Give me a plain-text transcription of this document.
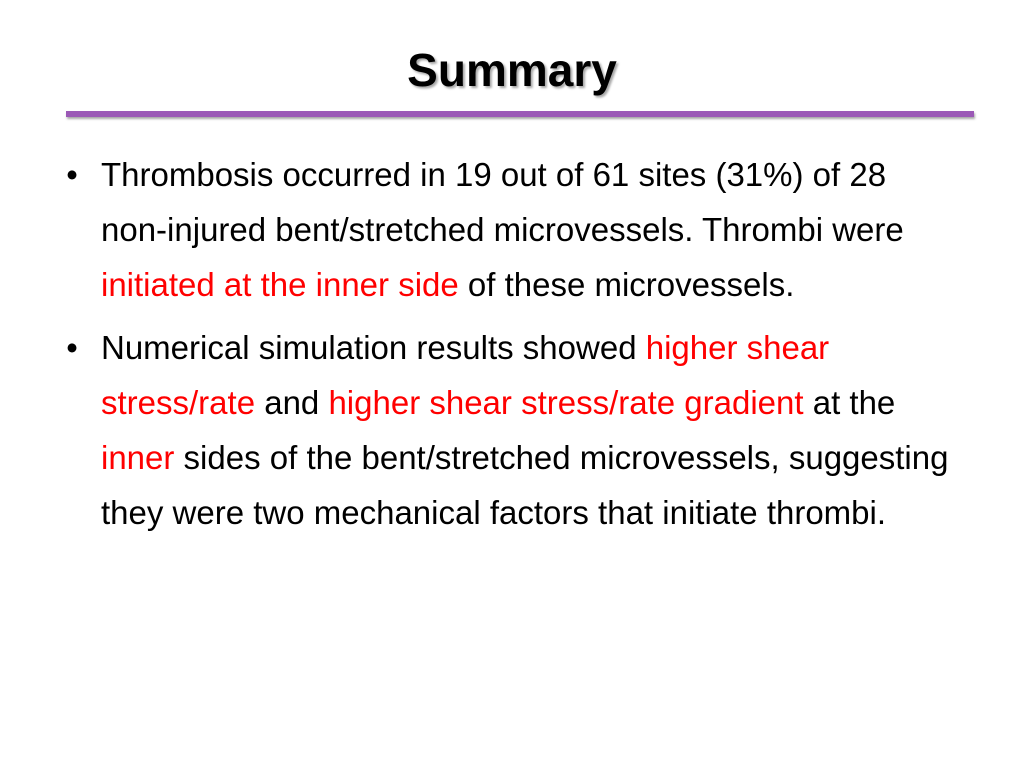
Summary
• Thrombosis occurred in 19 out of 61 sites (31%) of 28 non-injured bent/stretched microvessels. Thrombi were initiated at the inner side of these microvessels.
• Numerical simulation results showed higher shear stress/rate and higher shear stress/rate gradient at the inner sides of the bent/stretched microvessels, suggesting they were two mechanical factors that initiate thrombi.
